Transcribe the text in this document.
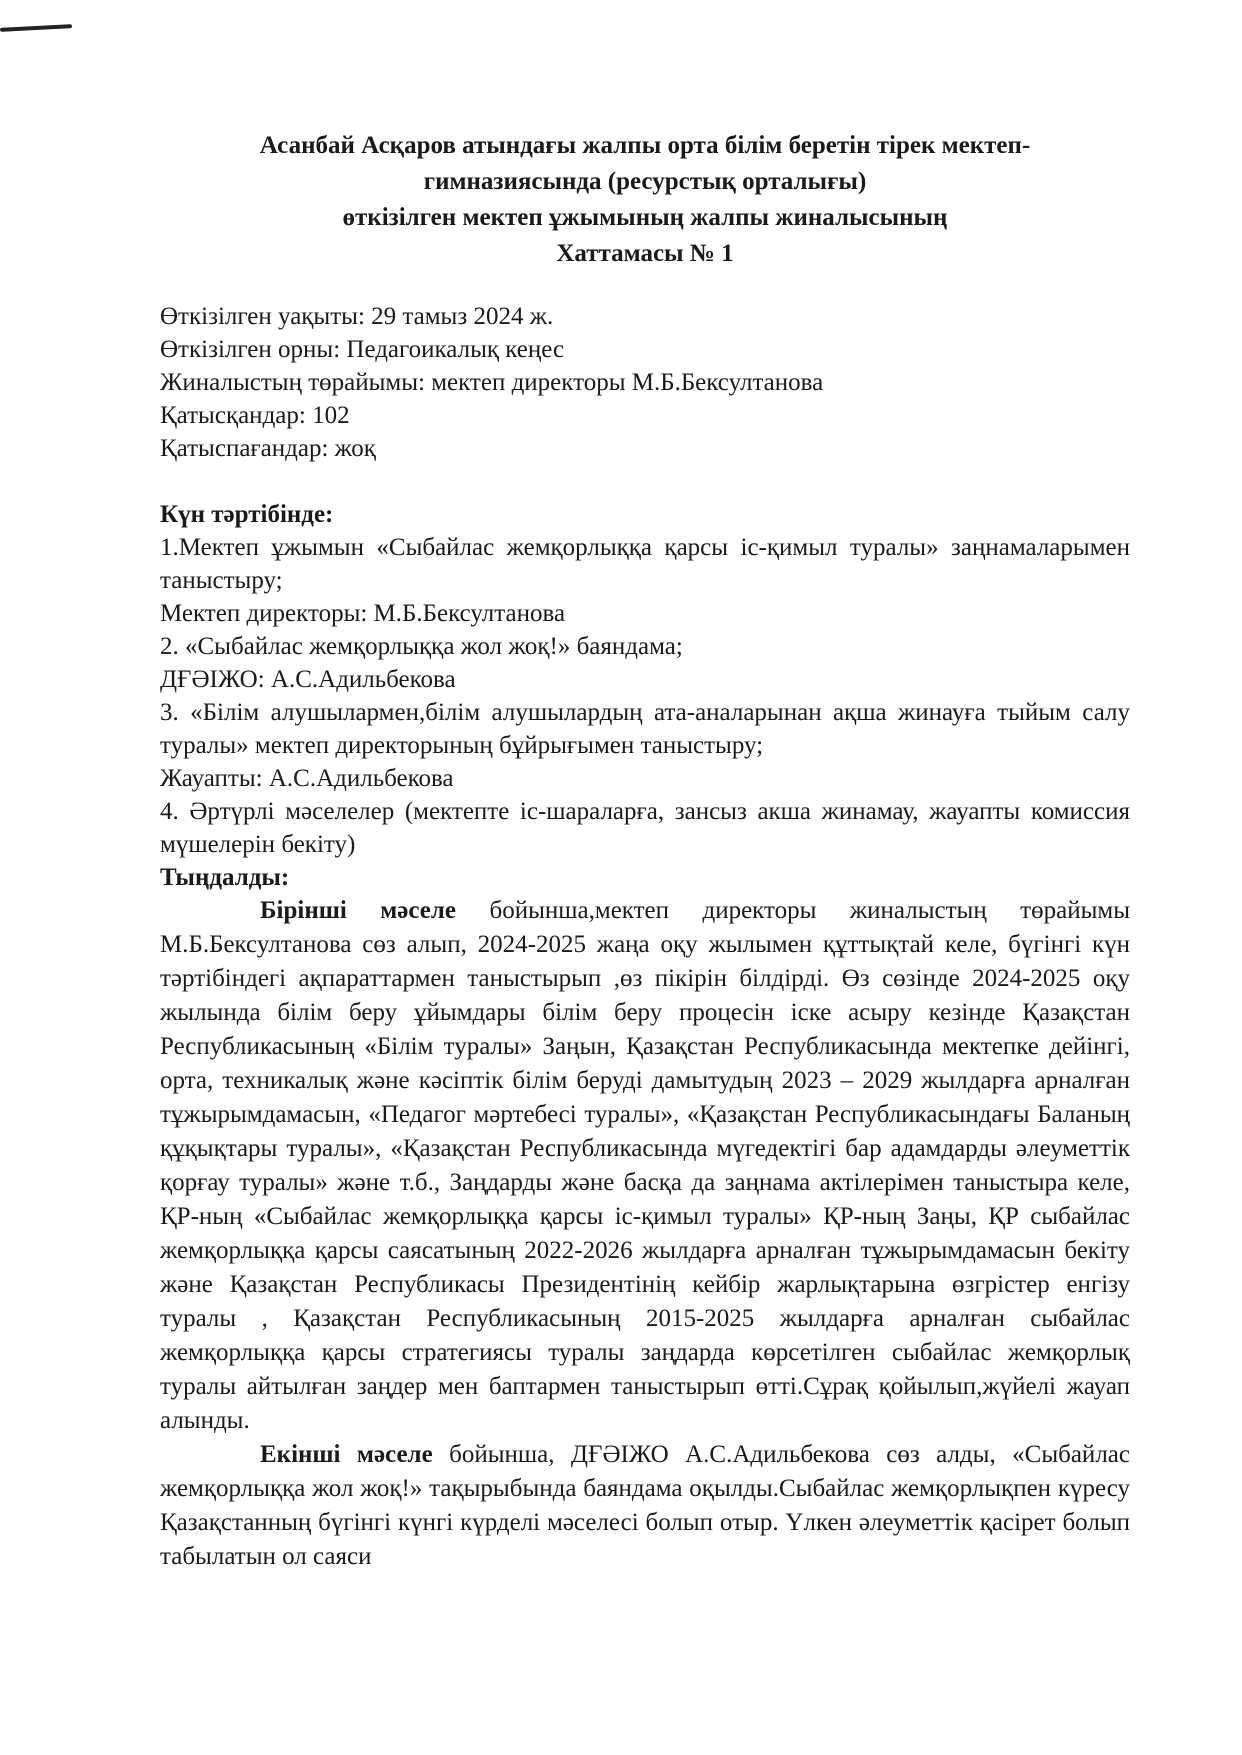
Асанбай Асқаров атындағы жалпы орта білім беретін тірек мектеп-
гимназиясында (ресурстық орталығы)
өткізілген мектеп ұжымының жалпы жиналысының
Хаттамасы № 1
Өткізілген уақыты: 29 тамыз 2024 ж.
Өткізілген орны: Педагоикалық кеңес
Жиналыстың төрайымы: мектеп директоры М.Б.Бексултанова
Қатысқандар: 102
Қатыспағандар: жоқ
Күн тәртібінде:
1.Мектеп ұжымын «Сыбайлас жемқорлыққа қарсы іс-қимыл туралы» заңнамаларымен таныстыру;
Мектеп директоры: М.Б.Бексултанова
2. «Сыбайлас жемқорлыққа жол жоқ!» баяндама;
ДҒӘІЖО: А.С.Адильбекова
3. «Білім алушылармен,білім алушылардың ата-аналарынан ақша жинауға тыйым салу туралы» мектеп директорының бұйрығымен таныстыру;
Жауапты: А.С.Адильбекова
4. Әртүрлі мәселелер (мектепте іс-шараларға, зансыз акша жинамау, жауапты комиссия мүшелерін бекіту)
Тыңдалды:

Бірінші мәселе бойынша,мектеп директоры жиналыстың төрайымы М.Б.Бексултанова сөз алып, 2024-2025 жаңа оқу жылымен құттықтай келе, бүгінгі күн тәртібіндегі ақпараттармен таныстырып ,өз пікірін білдірді. Өз сөзінде 2024-2025 оқу жылында білім беру ұйымдары білім беру процесін іске асыру кезінде Қазақстан Республикасының «Білім туралы» Заңын, Қазақстан Республикасында мектепке дейінгі, орта, техникалық және кәсіптік білім беруді дамытудың 2023 – 2029 жылдарға арналған тұжырымдамасын, «Педагог мәртебесі туралы», «Қазақстан Республикасындағы Баланың құқықтары туралы», «Қазақстан Республикасында мүгедектігі бар адамдарды әлеуметтік қорғау туралы» және т.б., Заңдарды және басқа да заңнама актілерімен таныстыра келе, ҚР-ның «Сыбайлас жемқорлыққа қарсы іс-қимыл туралы» ҚР-ның Заңы, ҚР сыбайлас жемқорлыққа қарсы саясатының 2022-2026 жылдарға арналған тұжырымдамасын бекіту және Қазақстан Республикасы Президентінің кейбір жарлықтарына өзгрістер енгізу туралы , Қазақстан Республикасының 2015-2025 жылдарға арналған сыбайлас жемқорлыққа қарсы стратегиясы туралы заңдарда көрсетілген сыбайлас жемқорлық туралы айтылған заңдер мен баптармен таныстырып өтті.Сұрақ қойылып,жүйелі жауап алынды.

Екінші мәселе бойынша, ДҒӘІЖО А.С.Адильбекова сөз алды, «Сыбайлас жемқорлыққа жол жоқ!» тақырыбында баяндама оқылды.Сыбайлас жемқорлықпен күресу Қазақстанның бүгінгі күнгі күрделі мәселесі болып отыр. Үлкен әлеуметтік қасірет болып табылатын ол саяси
